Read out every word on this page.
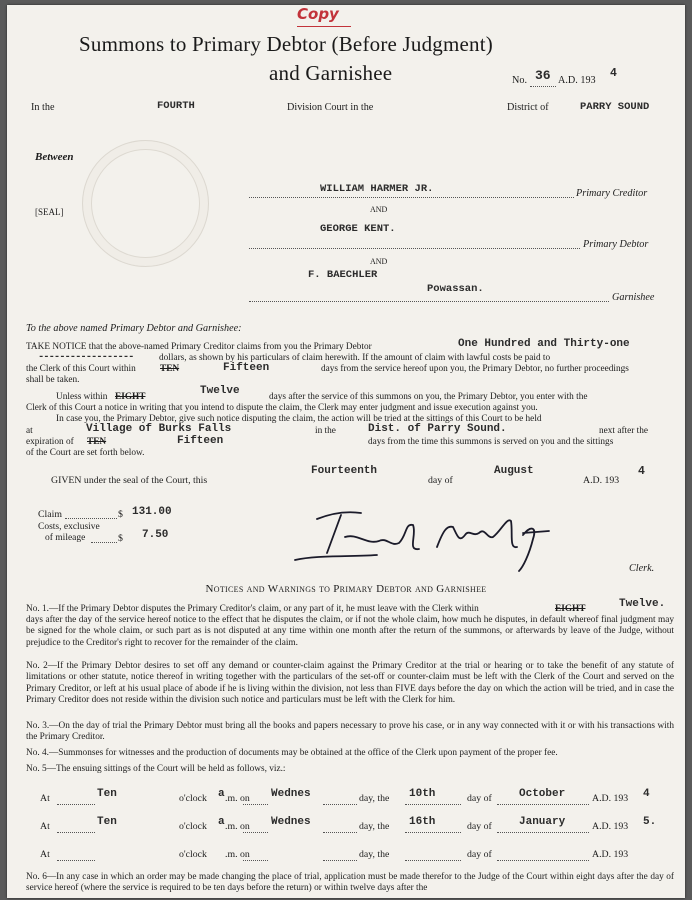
Copy
Summons to Primary Debtor (Before Judgment)
and Garnishee	No. 36 A.D. 193
4
In the	FOURTH	Division Court in the	District of	PARRY SOUND
Between
[SEAL]
WILLIAM HARMER JR.	Primary Creditor
AND
GEORGE KENT.
Primary Debtor
AND
F. BAECHLER
Powassan.
Garnishee
To the above named Primary Debtor and Garnishee:
TAKE NOTICE that the above-named Primary Creditor claims from you the Primary Debtor	One Hundred and Thirty-one
------------------	dollars, as shown by his particulars of claim herewith. If the amount of claim with lawful costs be paid to
the Clerk of this Court within	TEN	Fifteen	days from the service hereof upon you, the Primary Debtor, no further proceedings
shall be taken.
Unless within EIGHT	Twelve	days after the service of this summons on you, the Primary Debtor, you enter with the
Clerk of this Court a notice in writing that you intend to dispute the claim, the Clerk may enter judgment and issue execution against you.
In case you, the Primary Debtor, give such notice disputing the claim, the action will be tried at the sittings of this Court to be held
at	Village of Burks Falls	in the	Dist. of Parry Sound.	next after the
expiration of TEN	Fifteen	days from the time this summons is served on you and the sittings
of the Court are set forth below.
GIVEN under the seal of the Court, this
Fourteenth
day of
August
A.D. 193
4
Claim	$ 131.00
Costs, exclusive
of mileage	$ 7.50
Clerk.
Notices and Warnings to Primary Debtor and Garnishee
No. 1.—If the Primary Debtor disputes the Primary Creditor's claim, or any part of it, he must leave with the Clerk within	EIGHT	Twelve.
days after the day of the service hereof notice to the effect that he disputes the claim, or if not the whole claim, how much he disputes, in default whereof final judgment may be signed for the whole claim, or such part as is not disputed at any time within one month after the return of the summons, or afterwards by leave of the Judge, without prejudice to the Creditor's right to recover for the remainder of the claim.
No. 2—If the Primary Debtor desires to set off any demand or counter-claim against the Primary Creditor at the trial or hearing or to take the benefit of any statute of limitations or other statute, notice thereof in writing together with the particulars of the set-off or counter-claim must be left with the Clerk of the Court and served on the Primary Creditor, or left at his usual place of abode if he is living within the division, not less than FIVE days before the day on which the action will be tried, and in case the Primary Creditor does not reside within the division such notice and particulars must be left with the Clerk for him.
No. 3.—On the day of trial the Primary Debtor must bring all the books and papers necessary to prove his case, or in any way connected with it or with his transactions with the Primary Creditor.
No. 4.—Summonses for witnesses and the production of documents may be obtained at the office of the Clerk upon payment of the proper fee.
No. 5—The ensuing sittings of the Court will be held as follows, viz.:
At	Ten	o'clock a .m. on Wednes	day, the 10th	day of October	A.D. 193 4
At	Ten	o'clock a .m. on Wednes	day, the 16th	day of January	A.D. 193 5.
At	o'clock .m. on	day, the	day of	A.D. 193
No. 6—In any case in which an order may be made changing the place of trial, application must be made therefor to the Judge of the Court within eight days after the day of service hereof (where the service is required to be ten days before the return) or within twelve days after the
